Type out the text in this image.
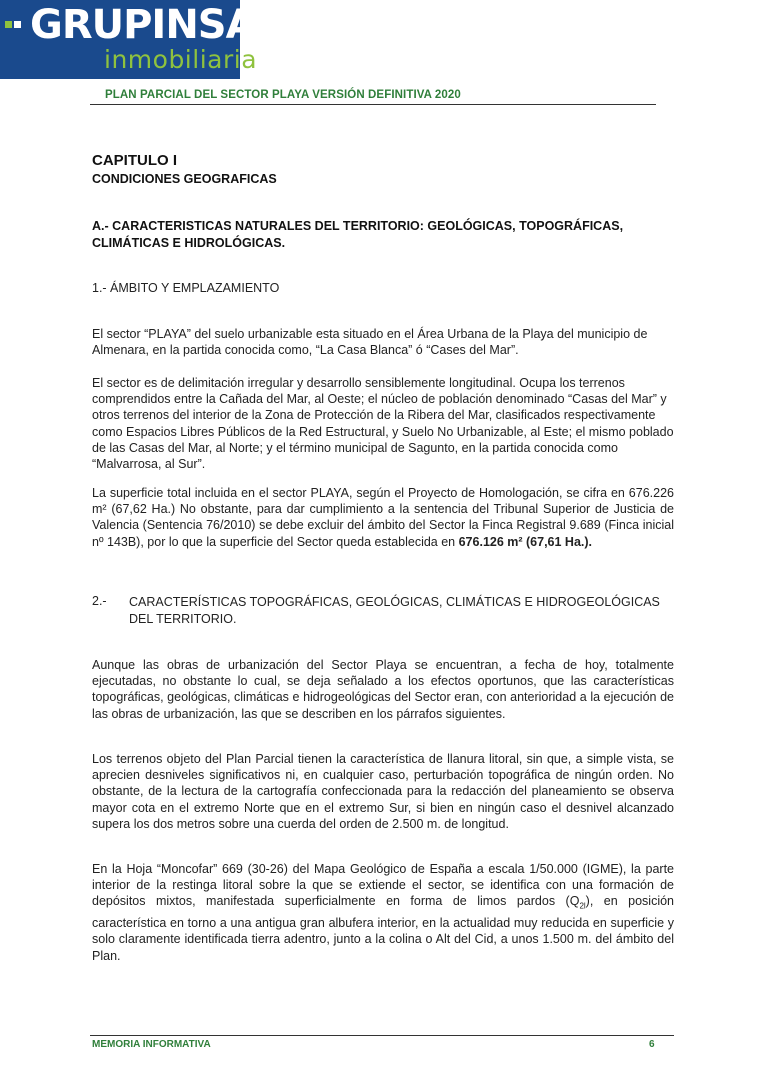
GRUPINSA
inmobiliaria
PLAN PARCIAL DEL SECTOR PLAYA VERSIÓN DEFINITIVA 2020
CAPITULO I
CONDICIONES GEOGRAFICAS
A.- CARACTERISTICAS NATURALES DEL TERRITORIO: GEOLÓGICAS, TOPOGRÁFICAS, CLIMÁTICAS E HIDROLÓGICAS.
1.- ÁMBITO Y EMPLAZAMIENTO

El sector “PLAYA” del suelo urbanizable esta situado en el Área Urbana de la Playa del municipio de Almenara, en la partida conocida como, “La Casa Blanca” ó “Cases del Mar”.

El sector es de delimitación irregular y desarrollo sensiblemente longitudinal. Ocupa los terrenos comprendidos entre la Cañada del Mar, al Oeste; el núcleo de población denominado “Casas del Mar” y otros terrenos del interior de la Zona de Protección de la Ribera del Mar, clasificados respectivamente como Espacios Libres Públicos de la Red Estructural, y Suelo No Urbanizable, al Este; el mismo poblado de las Casas del Mar, al Norte; y el término municipal de Sagunto, en la partida conocida como “Malvarrosa, al Sur”.

La superficie total incluida en el sector PLAYA, según el Proyecto de Homologación, se cifra en 676.226 m² (67,62 Ha.) No obstante, para dar cumplimiento a la sentencia del Tribunal Superior de Justicia de Valencia (Sentencia 76/2010) se debe excluir del ámbito del Sector la Finca Registral 9.689 (Finca inicial nº 143B), por lo que la superficie del Sector queda establecida en 676.126 m² (67,61 Ha.).

2.- CARACTERÍSTICAS TOPOGRÁFICAS, GEOLÓGICAS, CLIMÁTICAS E HIDROGEOLÓGICAS DEL TERRITORIO.

Aunque las obras de urbanización del Sector Playa se encuentran, a fecha de hoy, totalmente ejecutadas, no obstante lo cual, se deja señalado a los efectos oportunos, que las características topográficas, geológicas, climáticas e hidrogeológicas del Sector eran, con anterioridad a la ejecución de las obras de urbanización, las que se describen en los párrafos siguientes.

Los terrenos objeto del Plan Parcial tienen la característica de llanura litoral, sin que, a simple vista, se aprecien desniveles significativos ni, en cualquier caso, perturbación topográfica de ningún orden. No obstante, de la lectura de la cartografía confeccionada para la redacción del planeamiento se observa mayor cota en el extremo Norte que en el extremo Sur, si bien en ningún caso el desnivel alcanzado supera los dos metros sobre una cuerda del orden de 2.500 m. de longitud.

En la Hoja “Moncofar” 669 (30-26) del Mapa Geológico de España a escala 1/50.000 (IGME), la parte interior de la restinga litoral sobre la que se extiende el sector, se identifica con una formación de depósitos mixtos, manifestada superficialmente en forma de limos pardos $(Q_{2l})$, en posición característica en torno a una antigua gran albufera interior, en la actualidad muy reducida en superficie y solo claramente identificada tierra adentro, junto a la colina o Alt del Cid, a unos 1.500 m. del ámbito del Plan.

MEMORIA INFORMATIVA	6
